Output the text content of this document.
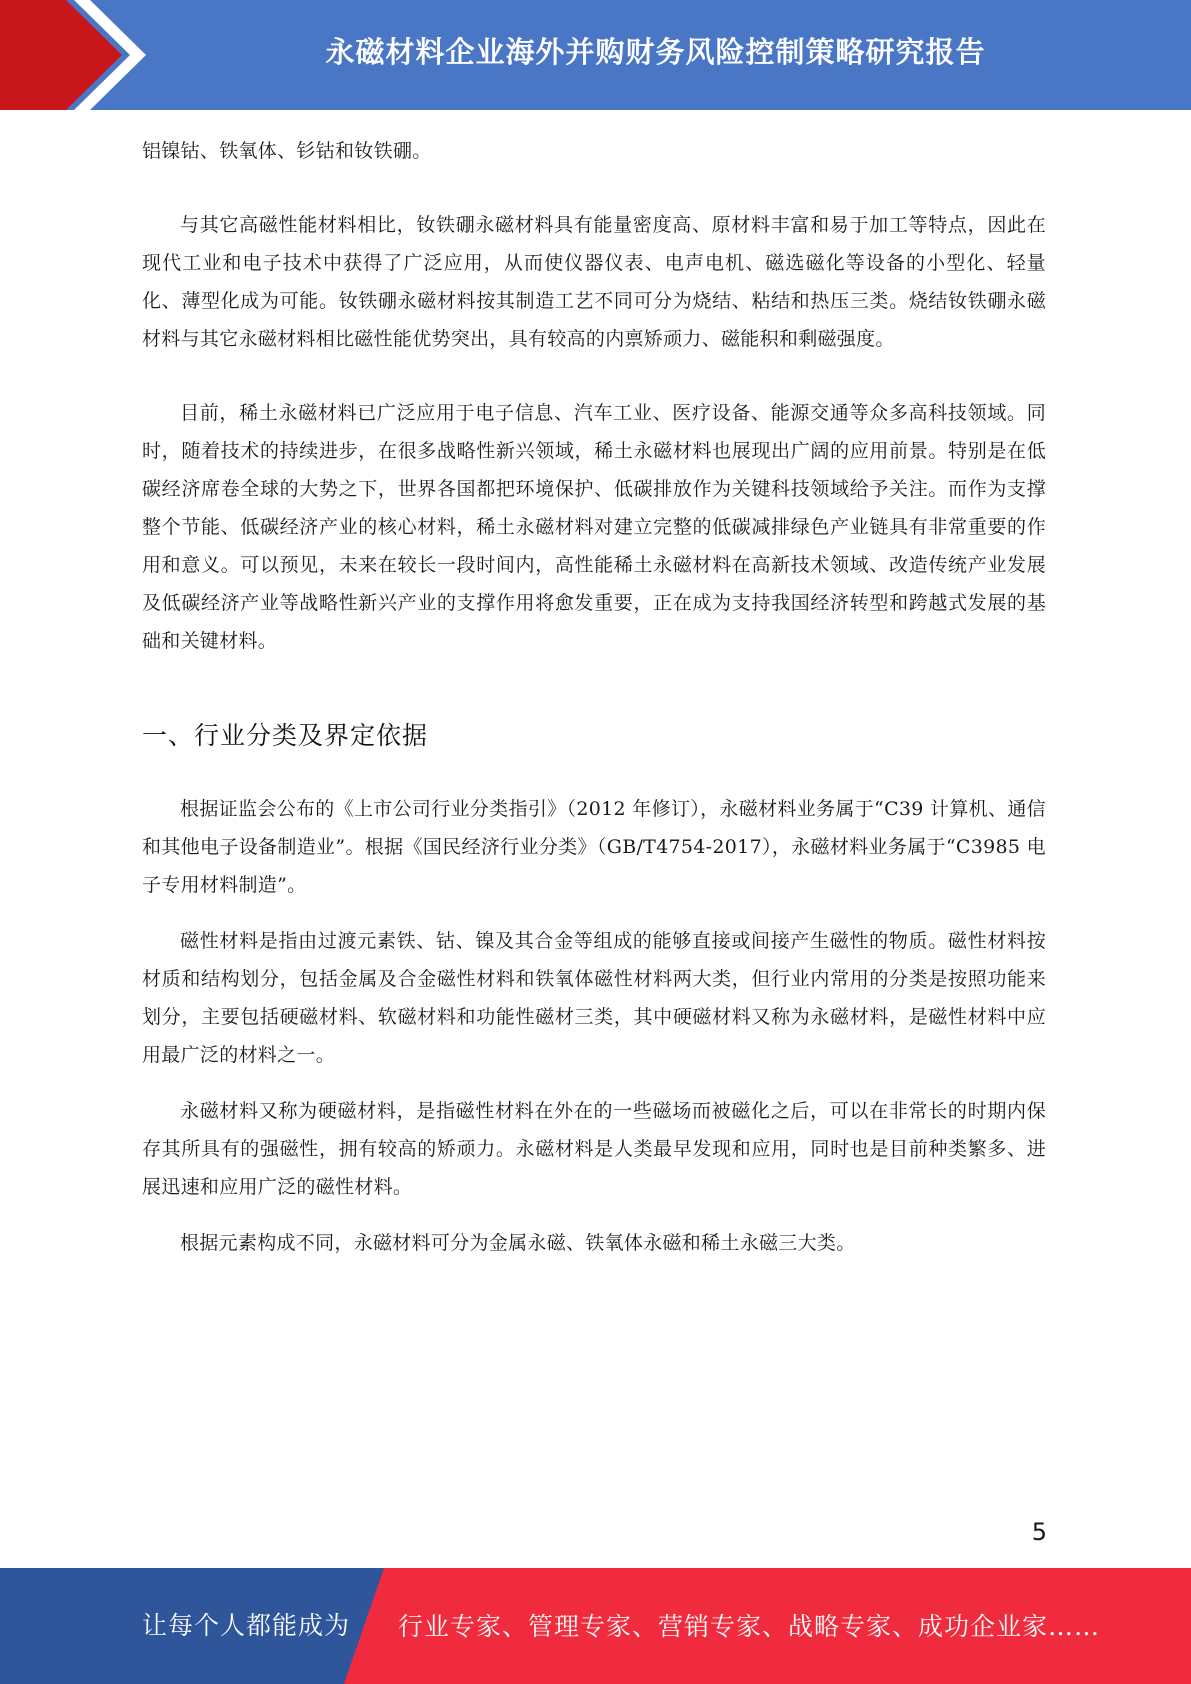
永磁材料企业海外并购财务风险控制策略研究报告

铝镍钴、铁氧体、钐钴和钕铁硼。

与其它高磁性能材料相比，钕铁硼永磁材料具有能量密度高、原材料丰富和易于加工等特点，因此在现代工业和电子技术中获得了广泛应用，从而使仪器仪表、电声电机、磁选磁化等设备的小型化、轻量化、薄型化成为可能。钕铁硼永磁材料按其制造工艺不同可分为烧结、粘结和热压三类。烧结钕铁硼永磁材料与其它永磁材料相比磁性能优势突出，具有较高的内禀矫顽力、磁能积和剩磁强度。

目前，稀土永磁材料已广泛应用于电子信息、汽车工业、医疗设备、能源交通等众多高科技领域。同时，随着技术的持续进步，在很多战略性新兴领域，稀土永磁材料也展现出广阔的应用前景。特别是在低碳经济席卷全球的大势之下，世界各国都把环境保护、低碳排放作为关键科技领域给予关注。而作为支撑整个节能、低碳经济产业的核心材料，稀土永磁材料对建立完整的低碳减排绿色产业链具有非常重要的作用和意义。可以预见，未来在较长一段时间内，高性能稀土永磁材料在高新技术领域、改造传统产业发展及低碳经济产业等战略性新兴产业的支撑作用将愈发重要，正在成为支持我国经济转型和跨越式发展的基础和关键材料。

一、行业分类及界定依据

根据证监会公布的《上市公司行业分类指引》（2012 年修订），永磁材料业务属于“C39 计算机、通信和其他电子设备制造业”。根据《国民经济行业分类》（GB/T4754-2017），永磁材料业务属于“C3985 电子专用材料制造”。

磁性材料是指由过渡元素铁、钴、镍及其合金等组成的能够直接或间接产生磁性的物质。磁性材料按材质和结构划分，包括金属及合金磁性材料和铁氧体磁性材料两大类，但行业内常用的分类是按照功能来划分，主要包括硬磁材料、软磁材料和功能性磁材三类，其中硬磁材料又称为永磁材料，是磁性材料中应用最广泛的材料之一。

永磁材料又称为硬磁材料，是指磁性材料在外在的一些磁场而被磁化之后，可以在非常长的时期内保存其所具有的强磁性，拥有较高的矫顽力。永磁材料是人类最早发现和应用，同时也是目前种类繁多、进展迅速和应用广泛的磁性材料。

根据元素构成不同，永磁材料可分为金属永磁、铁氧体永磁和稀土永磁三大类。

5
让每个人都能成为 行业专家、管理专家、营销专家、战略专家、成功企业家……
